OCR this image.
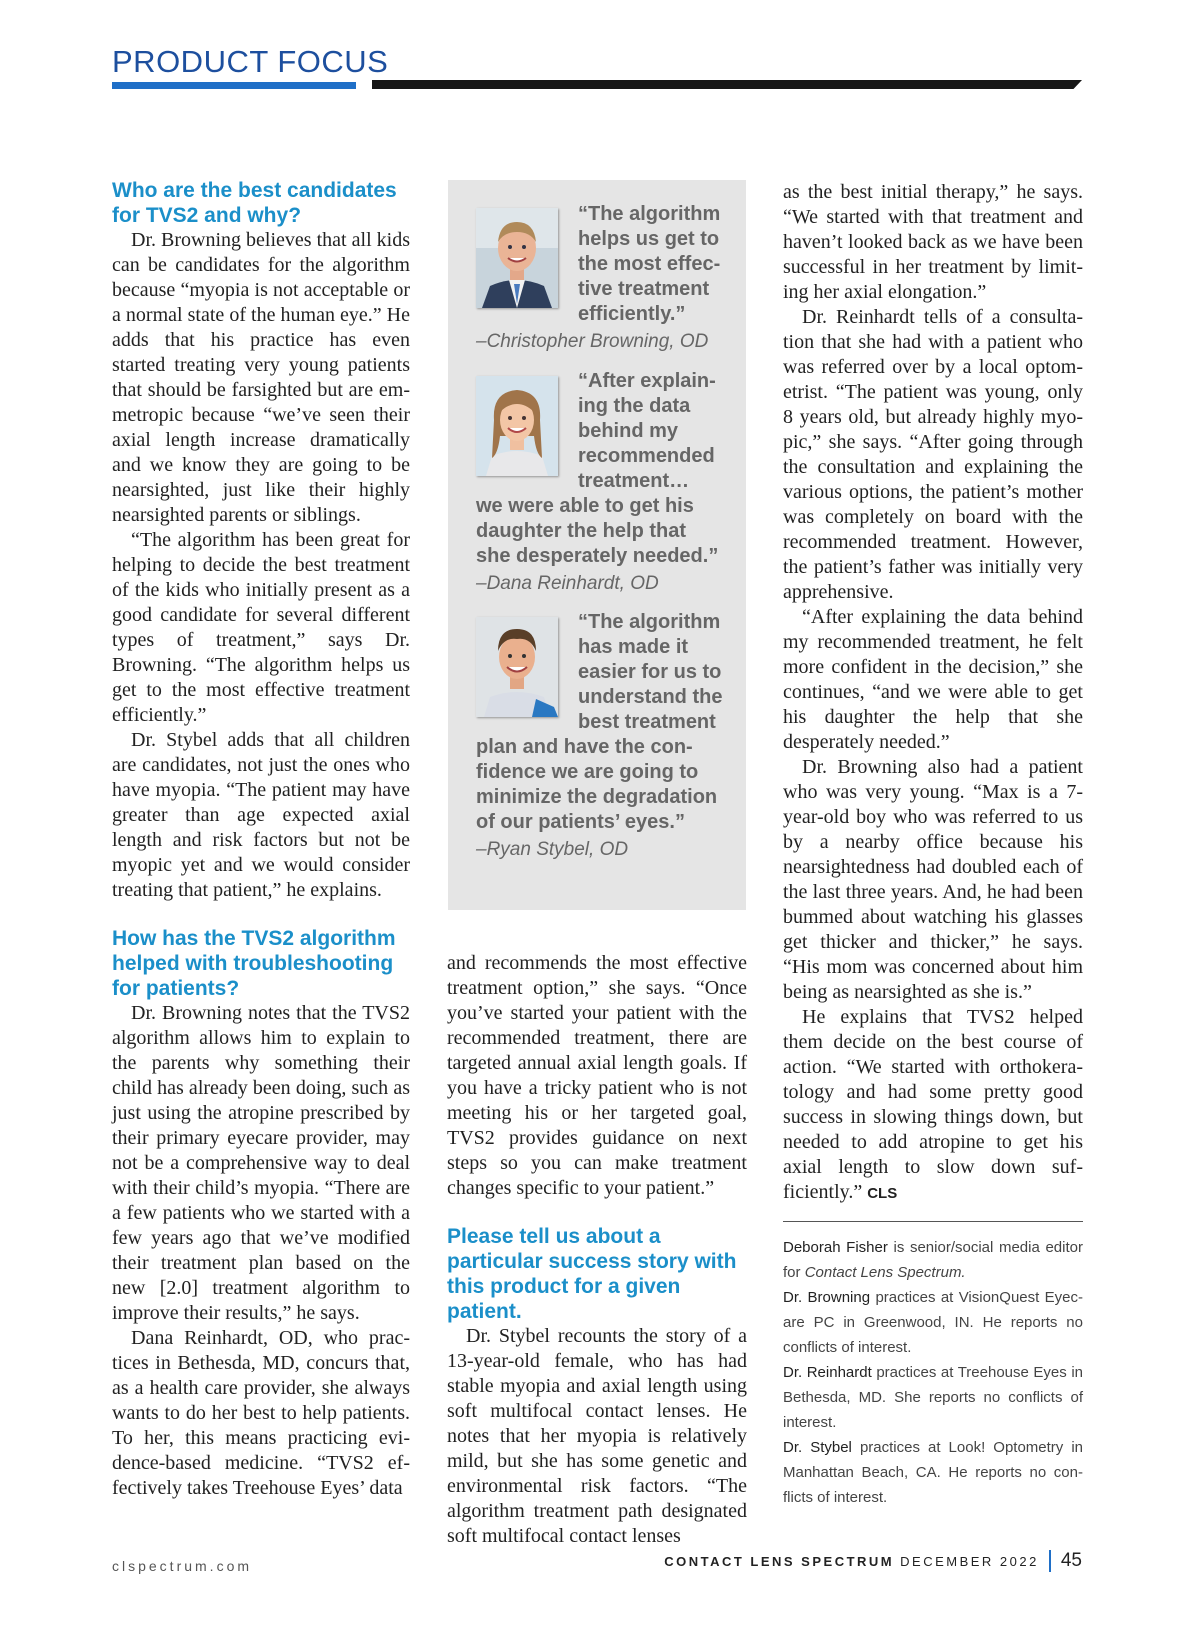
PRODUCT FOCUS
Who are the best candidates for TVS2 and why?

Dr. Browning believes that all kids can be candidates for the algorithm because “myopia is not acceptable or a normal state of the human eye.” He adds that his practice has even started treating very young patients that should be farsighted but are emmetropic because “we’ve seen their axial length increase dramatically and we know they are going to be nearsighted, just like their highly nearsighted parents or siblings.

“The algorithm has been great for helping to decide the best treatment of the kids who initially present as a good candidate for several different types of treatment,” says Dr. Browning. “The algorithm helps us get to the most effective treatment efficiently.”

Dr. Stybel adds that all children are candidates, not just the ones who have myopia. “The patient may have greater than age expected axial length and risk factors but not be myopic yet and we would consider treating that patient,” he explains.

How has the TVS2 algorithm helped with troubleshooting for patients?

Dr. Browning notes that the TVS2 algorithm allows him to explain to the parents why something their child has already been doing, such as just using the atropine prescribed by their primary eyecare provider, may not be a comprehensive way to deal with their child’s myopia. “There are a few patients who we started with a few years ago that we’ve modified their treatment plan based on the new [2.0] treatment algorithm to improve their results,” he says.

Dana Reinhardt, OD, who practices in Bethesda, MD, concurs that, as a health care provider, she always wants to do her best to help patients. To her, this means practicing evidence-based medicine. “TVS2 effectively takes Treehouse Eyes’ data

“The algorithm helps us get to the most effective treatment efficiently.”

–Christopher Browning, OD

“After explaining the data behind my recommended treatment…
we were able to get his daughter the help that she desperately needed.”

–Dana Reinhardt, OD

“The algorithm has made it easier for us to understand the best treatment
plan and have the confidence we are going to minimize the degradation of our patients’ eyes.”

–Ryan Stybel, OD

and recommends the most effective treatment option,” she says. “Once you’ve started your patient with the recommended treatment, there are targeted annual axial length goals. If you have a tricky patient who is not meeting his or her targeted goal, TVS2 provides guidance on next steps so you can make treatment changes specific to your patient.”

Please tell us about a particular success story with this product for a given patient.

Dr. Stybel recounts the story of a 13-year-old female, who has had stable myopia and axial length using soft multifocal contact lenses. He notes that her myopia is relatively mild, but she has some genetic and environmental risk factors. “The algorithm treatment path designated soft multifocal contact lenses

as the best initial therapy,” he says. “We started with that treatment and haven’t looked back as we have been successful in her treatment by limiting her axial elongation.”

Dr. Reinhardt tells of a consultation that she had with a patient who was referred over by a local optometrist. “The patient was young, only 8 years old, but already highly myopic,” she says. “After going through the consultation and explaining the various options, the patient’s mother was completely on board with the recommended treatment. However, the patient’s father was initially very apprehensive.

“After explaining the data behind my recommended treatment, he felt more confident in the decision,” she continues, “and we were able to get his daughter the help that she desperately needed.”

Dr. Browning also had a patient who was very young. “Max is a 7-year-old boy who was referred to us by a nearby office because his nearsightedness had doubled each of the last three years. And, he had been bummed about watching his glasses get thicker and thicker,” he says. “His mom was concerned about him being as nearsighted as she is.”

He explains that TVS2 helped them decide on the best course of action. “We started with orthokeratology and had some pretty good success in slowing things down, but needed to add atropine to get his axial length to slow down sufficiently.” CLS

Deborah Fisher is senior/social media editor for Contact Lens Spectrum.

Dr. Browning practices at VisionQuest Eyecare PC in Greenwood, IN. He reports no conflicts of interest.

Dr. Reinhardt practices at Treehouse Eyes in Bethesda, MD. She reports no conflicts of interest.

Dr. Stybel practices at Look! Optometry in Manhattan Beach, CA. He reports no conflicts of interest.

clspectrum.com	CONTACT LENS SPECTRUM DECEMBER 2022 45
